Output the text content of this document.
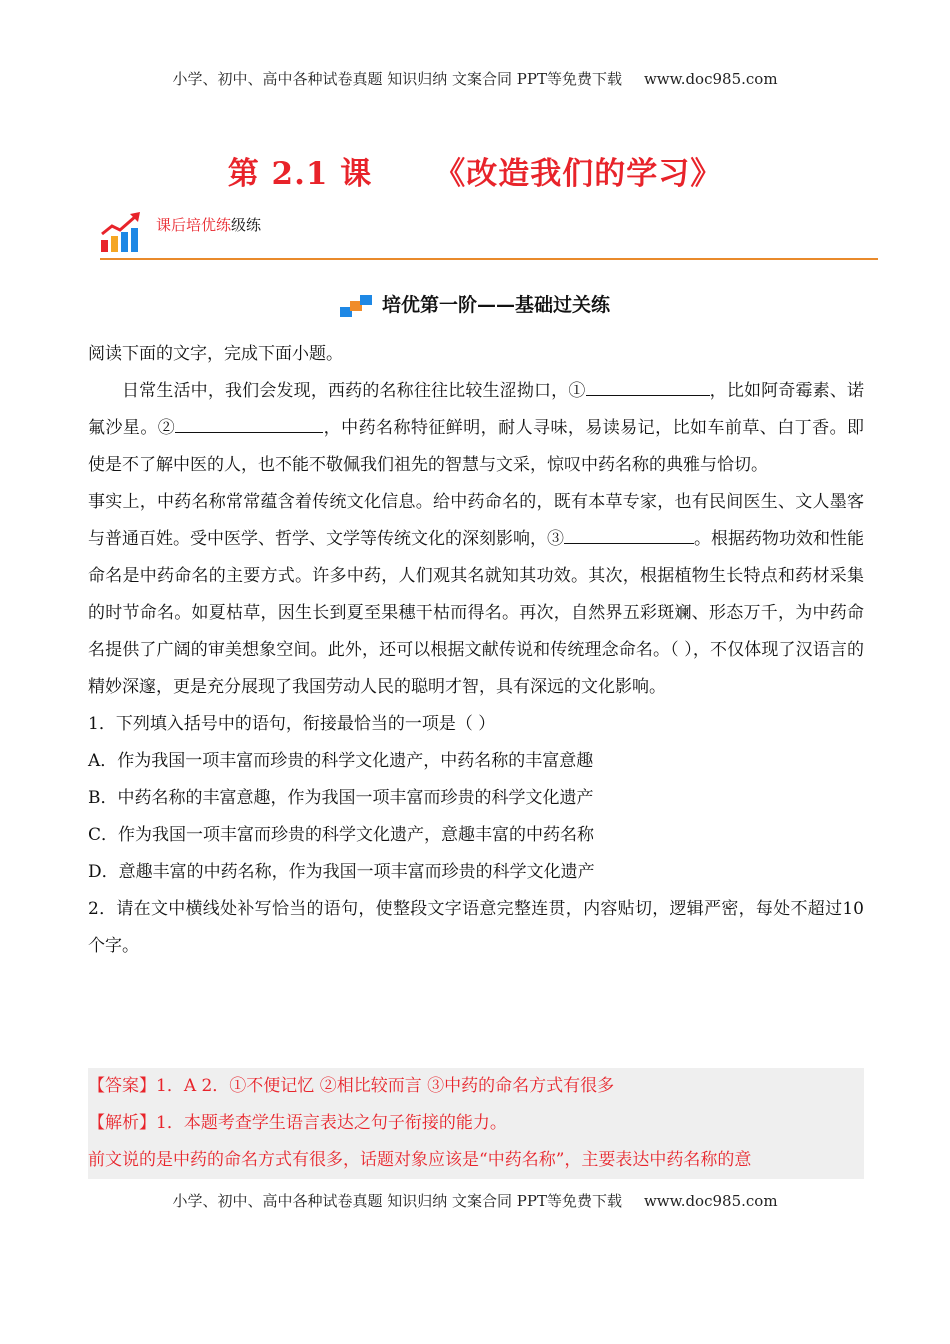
小学、初中、高中各种试卷真题 知识归纳 文案合同 PPT等免费下载 www.doc985.com
第 2.1 课 《改造我们的学习》
课后培优练级练
培优第一阶——基础过关练

阅读下面的文字，完成下面小题。

日常生活中，我们会发现，西药的名称往往比较生涩拗口，①	，比如阿奇霉素、诺氟沙星。②	，中药名称特征鲜明，耐人寻味，易读易记，比如车前草、白丁香。即使是不了解中医的人，也不能不敬佩我们祖先的智慧与文采，惊叹中药名称的典雅与恰切。

事实上，中药名称常常蕴含着传统文化信息。给中药命名的，既有本草专家，也有民间医生、文人墨客与普通百姓。受中医学、哲学、文学等传统文化的深刻影响，③	。根据药物功效和性能命名是中药命名的主要方式。许多中药，人们观其名就知其功效。其次，根据植物生长特点和药材采集的时节命名。如夏枯草，因生长到夏至果穗干枯而得名。再次，自然界五彩斑斓、形态万千，为中药命名提供了广阔的审美想象空间。此外，还可以根据文献传说和传统理念命名。（ ），不仅体现了汉语言的精妙深邃，更是充分展现了我国劳动人民的聪明才智，具有深远的文化影响。

1．下列填入括号中的语句，衔接最恰当的一项是（ ）

A．作为我国一项丰富而珍贵的科学文化遗产，中药名称的丰富意趣

B．中药名称的丰富意趣，作为我国一项丰富而珍贵的科学文化遗产

C．作为我国一项丰富而珍贵的科学文化遗产，意趣丰富的中药名称

D．意趣丰富的中药名称，作为我国一项丰富而珍贵的科学文化遗产

2．请在文中横线处补写恰当的语句，使整段文字语意完整连贯，内容贴切，逻辑严密，每处不超过10个字。

【答案】1．A 2．①不便记忆 ②相比较而言 ③中药的命名方式有很多

【解析】1．本题考查学生语言表达之句子衔接的能力。

前文说的是中药的命名方式有很多，话题对象应该是“中药名称”，主要表达中药名称的意

小学、初中、高中各种试卷真题 知识归纳 文案合同 PPT等免费下载 www.doc985.com
